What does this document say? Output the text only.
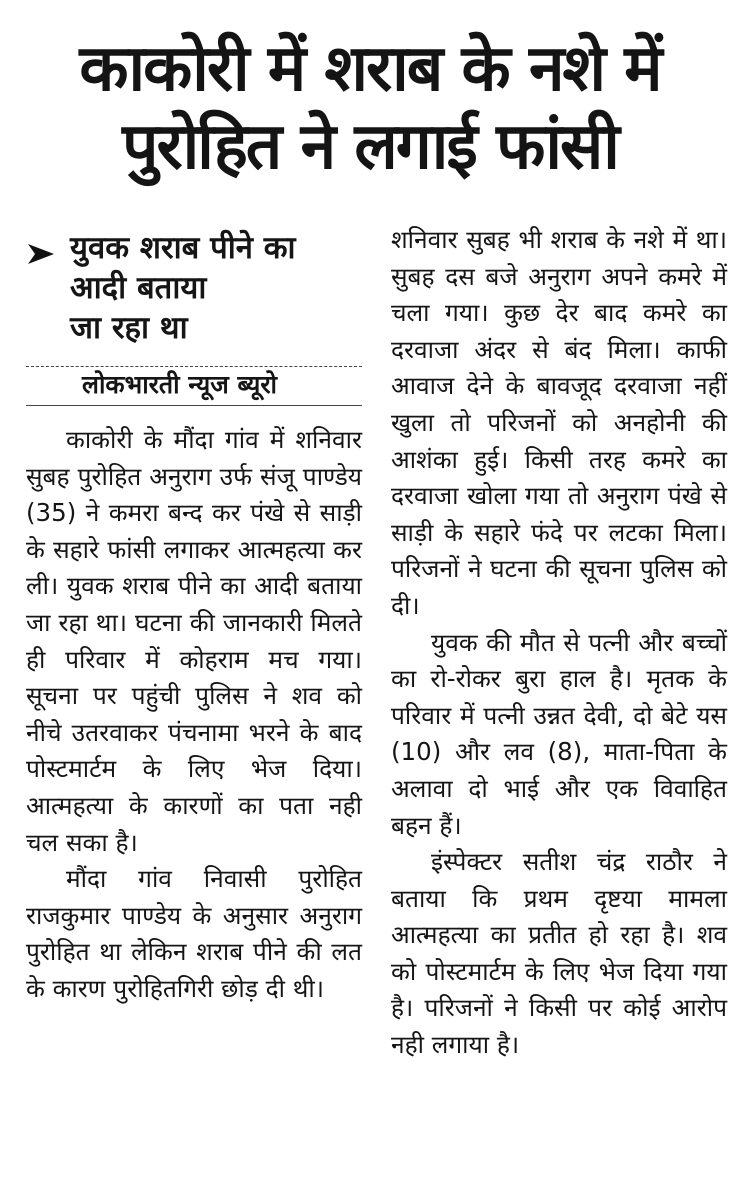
काकोरी में शराब के नशे में
पुरोहित ने लगाई फांसी
युवक शराब पीने का
आदी बताया
जा रहा था
लोकभारती न्यूज ब्यूरो

काकोरी के मौंदा गांव में शनिवार सुबह पुरोहित अनुराग उर्फ संजू पाण्डेय (35) ने कमरा बन्द कर पंखे से साड़ी के सहारे फांसी लगाकर आत्महत्या कर ली। युवक शराब पीने का आदी बताया जा रहा था। घटना की जानकारी मिलते ही परिवार में कोहराम मच गया। सूचना पर पहुंची पुलिस ने शव को नीचे उतरवाकर पंचनामा भरने के बाद पोस्टमार्टम के लिए भेज दिया। आत्महत्या के कारणों का पता नही चल सका है।

मौंदा गांव निवासी पुरोहित राजकुमार पाण्डेय के अनुसार अनुराग पुरोहित था लेकिन शराब पीने की लत के कारण पुरोहितगिरी छोड़ दी थी।

शनिवार सुबह भी शराब के नशे में था। सुबह दस बजे अनुराग अपने कमरे में चला गया। कुछ देर बाद कमरे का दरवाजा अंदर से बंद मिला। काफी आवाज देने के बावजूद दरवाजा नहीं खुला तो परिजनों को अनहोनी की आशंका हुई। किसी तरह कमरे का दरवाजा खोला गया तो अनुराग पंखे से साड़ी के सहारे फंदे पर लटका मिला। परिजनों ने घटना की सूचना पुलिस को दी।

युवक की मौत से पत्नी और बच्चों का रो-रोकर बुरा हाल है। मृतक के परिवार में पत्नी उन्नत देवी, दो बेटे यस (10) और लव (8), माता-पिता के अलावा दो भाई और एक विवाहित बहन हैं।

इंस्पेक्टर सतीश चंद्र राठौर ने बताया कि प्रथम दृष्टया मामला आत्महत्या का प्रतीत हो रहा है। शव को पोस्टमार्टम के लिए भेज दिया गया है। परिजनों ने किसी पर कोई आरोप नही लगाया है।
